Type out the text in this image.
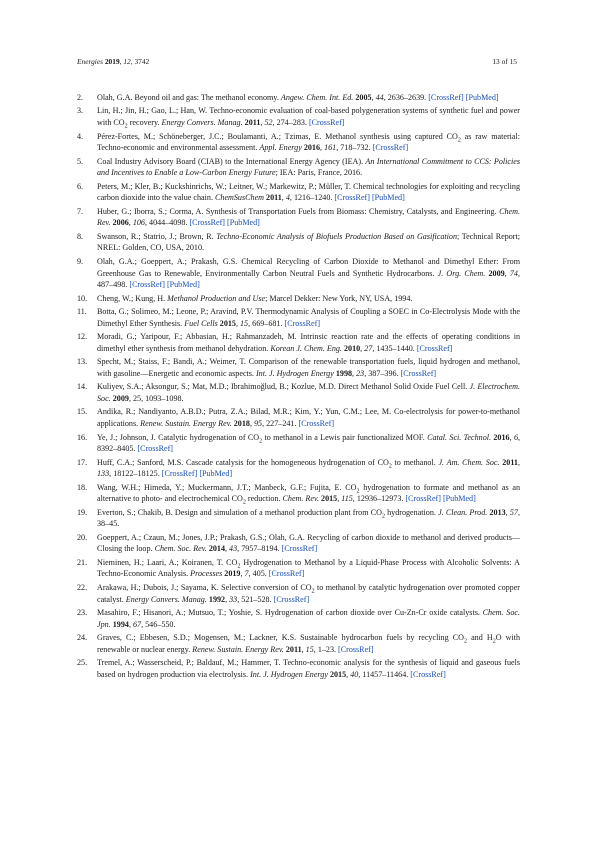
Energies 2019, 12, 3742	13 of 15
2. Olah, G.A. Beyond oil and gas: The methanol economy. Angew. Chem. Int. Ed. 2005, 44, 2636–2639. [CrossRef] [PubMed]
3. Lin, H.; Jin, H.; Gao, L.; Han, W. Techno-economic evaluation of coal-based polygeneration systems of synthetic fuel and power with $CO_2$ recovery. Energy Convers. Manag. 2011, 52, 274–283. [CrossRef]
4. Pérez-Fortes, M.; Schöneberger, J.C.; Boulamanti, A.; Tzimas, E. Methanol synthesis using captured $CO_2$ as raw material: Techno-economic and environmental assessment. Appl. Energy 2016, 161, 718–732. [CrossRef]
5. Coal Industry Advisory Board (CIAB) to the International Energy Agency (IEA). An International Commitment to CCS: Policies and Incentives to Enable a Low-Carbon Energy Future; IEA: Paris, France, 2016.
6. Peters, M.; Kler, B.; Kuckshinrichs, W.; Leitner, W.; Markewitz, P.; Müller, T. Chemical technologies for exploiting and recycling carbon dioxide into the value chain. ChemSusChem 2011, 4, 1216–1240. [CrossRef] [PubMed]
7. Huber, G.; Iborra, S.; Corma, A. Synthesis of Transportation Fuels from Biomass: Chemistry, Catalysts, and Engineering. Chem. Rev. 2006, 106, 4044–4098. [CrossRef] [PubMed]
8. Swanson, R.; Statrio, J.; Brown, R. Techno-Economic Analysis of Biofuels Production Based on Gasification; Technical Report; NREL: Golden, CO, USA, 2010.
9. Olah, G.A.; Goeppert, A.; Prakash, G.S. Chemical Recycling of Carbon Dioxide to Methanol and Dimethyl Ether: From Greenhouse Gas to Renewable, Environmentally Carbon Neutral Fuels and Synthetic Hydrocarbons. J. Org. Chem. 2009, 74, 487–498. [CrossRef] [PubMed]
10. Cheng, W.; Kung, H. Methanol Production and Use; Marcel Dekker: New York, NY, USA, 1994.
11. Botta, G.; Solimeo, M.; Leone, P.; Aravind, P.V. Thermodynamic Analysis of Coupling a SOEC in Co-Electrolysis Mode with the Dimethyl Ether Synthesis. Fuel Cells 2015, 15, 669–681. [CrossRef]
12. Moradi, G.; Yaripour, F.; Abbasian, H.; Rahmanzadeh, M. Intrinsic reaction rate and the effects of operating conditions in dimethyl ether synthesis from methanol dehydration. Korean J. Chem. Eng. 2010, 27, 1435–1440. [CrossRef]
13. Specht, M.; Staiss, F.; Bandi, A.; Weimer, T. Comparison of the renewable transportation fuels, liquid hydrogen and methanol, with gasoline—Energetic and economic aspects. Int. J. Hydrogen Energy 1998, 23, 387–396. [CrossRef]
14. Kuliyev, S.A.; Aksongur, S.; Mat, M.D.; Ibrahimoğlud, B.; Kozlue, M.D. Direct Methanol Solid Oxide Fuel Cell. J. Electrochem. Soc. 2009, 25, 1093–1098.
15. Andika, R.; Nandiyanto, A.B.D.; Putra, Z.A.; Bilad, M.R.; Kim, Y.; Yun, C.M.; Lee, M. Co-electrolysis for power-to-methanol applications. Renew. Sustain. Energy Rev. 2018, 95, 227–241. [CrossRef]
16. Ye, J.; Johnson, J. Catalytic hydrogenation of $CO_2$ to methanol in a Lewis pair functionalized MOF. Catal. Sci. Technol. 2016, 6, 8392–8405. [CrossRef]
17. Huff, C.A.; Sanford, M.S. Cascade catalysis for the homogeneous hydrogenation of $CO_2$ to methanol. J. Am. Chem. Soc. 2011, 133, 18122–18125. [CrossRef] [PubMed]
18. Wang, W.H.; Himeda, Y.; Muckermann, J.T.; Manbeck, G.F.; Fujita, E. $CO_2$ hydrogenation to formate and methanol as an alternative to photo- and electrochemical $CO_2$ reduction. Chem. Rev. 2015, 115, 12936–12973. [CrossRef] [PubMed]
19. Everton, S.; Chakib, B. Design and simulation of a methanol production plant from $CO_2$ hydrogenation. J. Clean. Prod. 2013, 57, 38–45.
20. Goeppert, A.; Czaun, M.; Jones, J.P.; Prakash, G.S.; Olah, G.A. Recycling of carbon dioxide to methanol and derived products—Closing the loop. Chem. Soc. Rev. 2014, 43, 7957–8194. [CrossRef]
21. Nieminen, H.; Laari, A.; Koiranen, T. $CO_2$ Hydrogenation to Methanol by a Liquid-Phase Process with Alcoholic Solvents: A Techno-Economic Analysis. Processes 2019, 7, 405. [CrossRef]
22. Arakawa, H.; Dubois, J.; Sayama, K. Selective conversion of $CO_2$ to methanol by catalytic hydrogenation over promoted copper catalyst. Energy Convers. Manag. 1992, 33, 521–528. [CrossRef]
23. Masahiro, F.; Hisanori, A.; Mutsuo, T.; Yoshie, S. Hydrogenation of carbon dioxide over Cu-Zn-Cr oxide catalysts. Chem. Soc. Jpn. 1994, 67, 546–550.
24. Graves, C.; Ebbesen, S.D.; Mogensen, M.; Lackner, K.S. Sustainable hydrocarbon fuels by recycling $CO_2$ and $H_2O$ with renewable or nuclear energy. Renew. Sustain. Energy Rev. 2011, 15, 1–23. [CrossRef]
25. Tremel, A.; Wasserscheid, P.; Baldauf, M.; Hammer, T. Techno-economic analysis for the synthesis of liquid and gaseous fuels based on hydrogen production via electrolysis. Int. J. Hydrogen Energy 2015, 40, 11457–11464. [CrossRef]
